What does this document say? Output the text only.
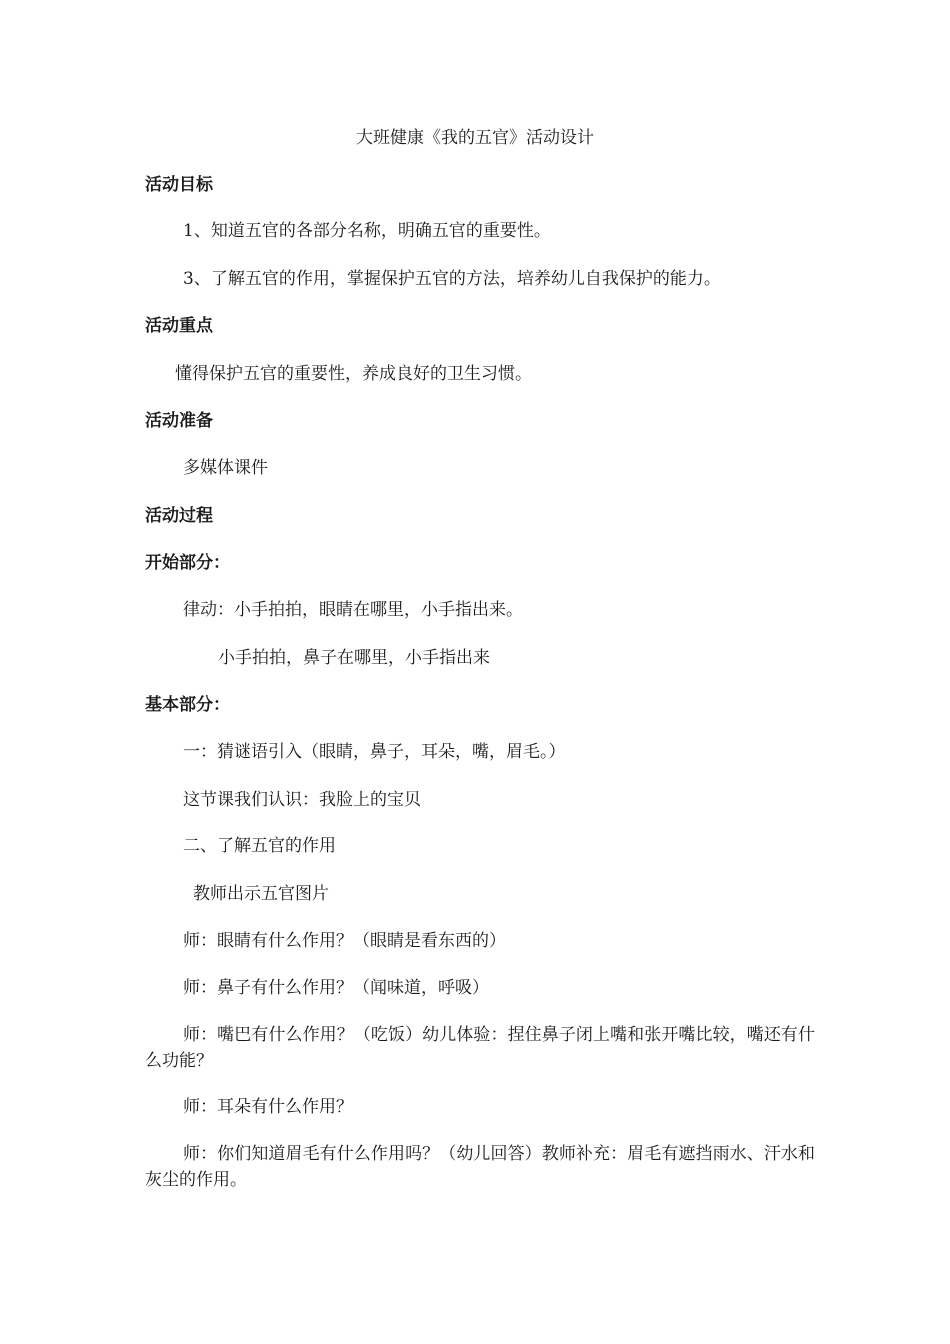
大班健康《我的五官》活动设计
活动目标
1、知道五官的各部分名称，明确五官的重要性。
3、了解五官的作用，掌握保护五官的方法，培养幼儿自我保护的能力。
活动重点
懂得保护五官的重要性，养成良好的卫生习惯。
活动准备
多媒体课件
活动过程
开始部分：
律动：小手拍拍，眼睛在哪里，小手指出来。
小手拍拍，鼻子在哪里，小手指出来
基本部分：
一：猜谜语引入（眼睛，鼻子，耳朵，嘴，眉毛。）
这节课我们认识：我脸上的宝贝
二、了解五官的作用
教师出示五官图片
师：眼睛有什么作用？（眼睛是看东西的）
师：鼻子有什么作用？（闻味道，呼吸）
师：嘴巴有什么作用？（吃饭）幼儿体验：捏住鼻子闭上嘴和张开嘴比较，嘴还有什么功能？
师：耳朵有什么作用？
师：你们知道眉毛有什么作用吗？（幼儿回答）教师补充：眉毛有遮挡雨水、汗水和灰尘的作用。
